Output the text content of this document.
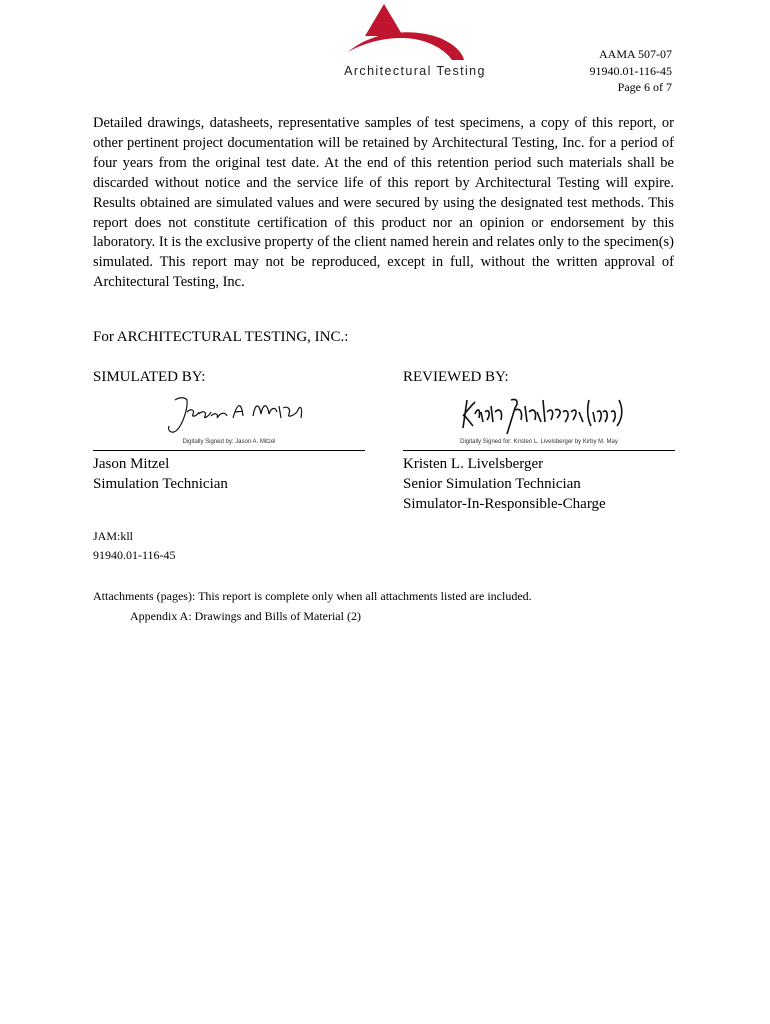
Architectural Testing
AAMA 507-07
91940.01-116-45
Page 6 of 7
Detailed drawings, datasheets, representative samples of test specimens, a copy of this report, or other pertinent project documentation will be retained by Architectural Testing, Inc. for a period of four years from the original test date. At the end of this retention period such materials shall be discarded without notice and the service life of this report by Architectural Testing will expire. Results obtained are simulated values and were secured by using the designated test methods. This report does not constitute certification of this product nor an opinion or endorsement by this laboratory. It is the exclusive property of the client named herein and relates only to the specimen(s) simulated. This report may not be reproduced, except in full, without the written approval of Architectural Testing, Inc.
For ARCHITECTURAL TESTING, INC.:
SIMULATED BY:
Digitally Signed by: Jason A. Mitzel
Jason Mitzel
Simulation Technician
REVIEWED BY:
Digitally Signed for: Kristen L. Livelsberger by Kirby M. May
Kristen L. Livelsberger
Senior Simulation Technician
Simulator-In-Responsible-Charge
JAM:kll
91940.01-116-45
Attachments (pages): This report is complete only when all attachments listed are included.
Appendix A: Drawings and Bills of Material (2)
